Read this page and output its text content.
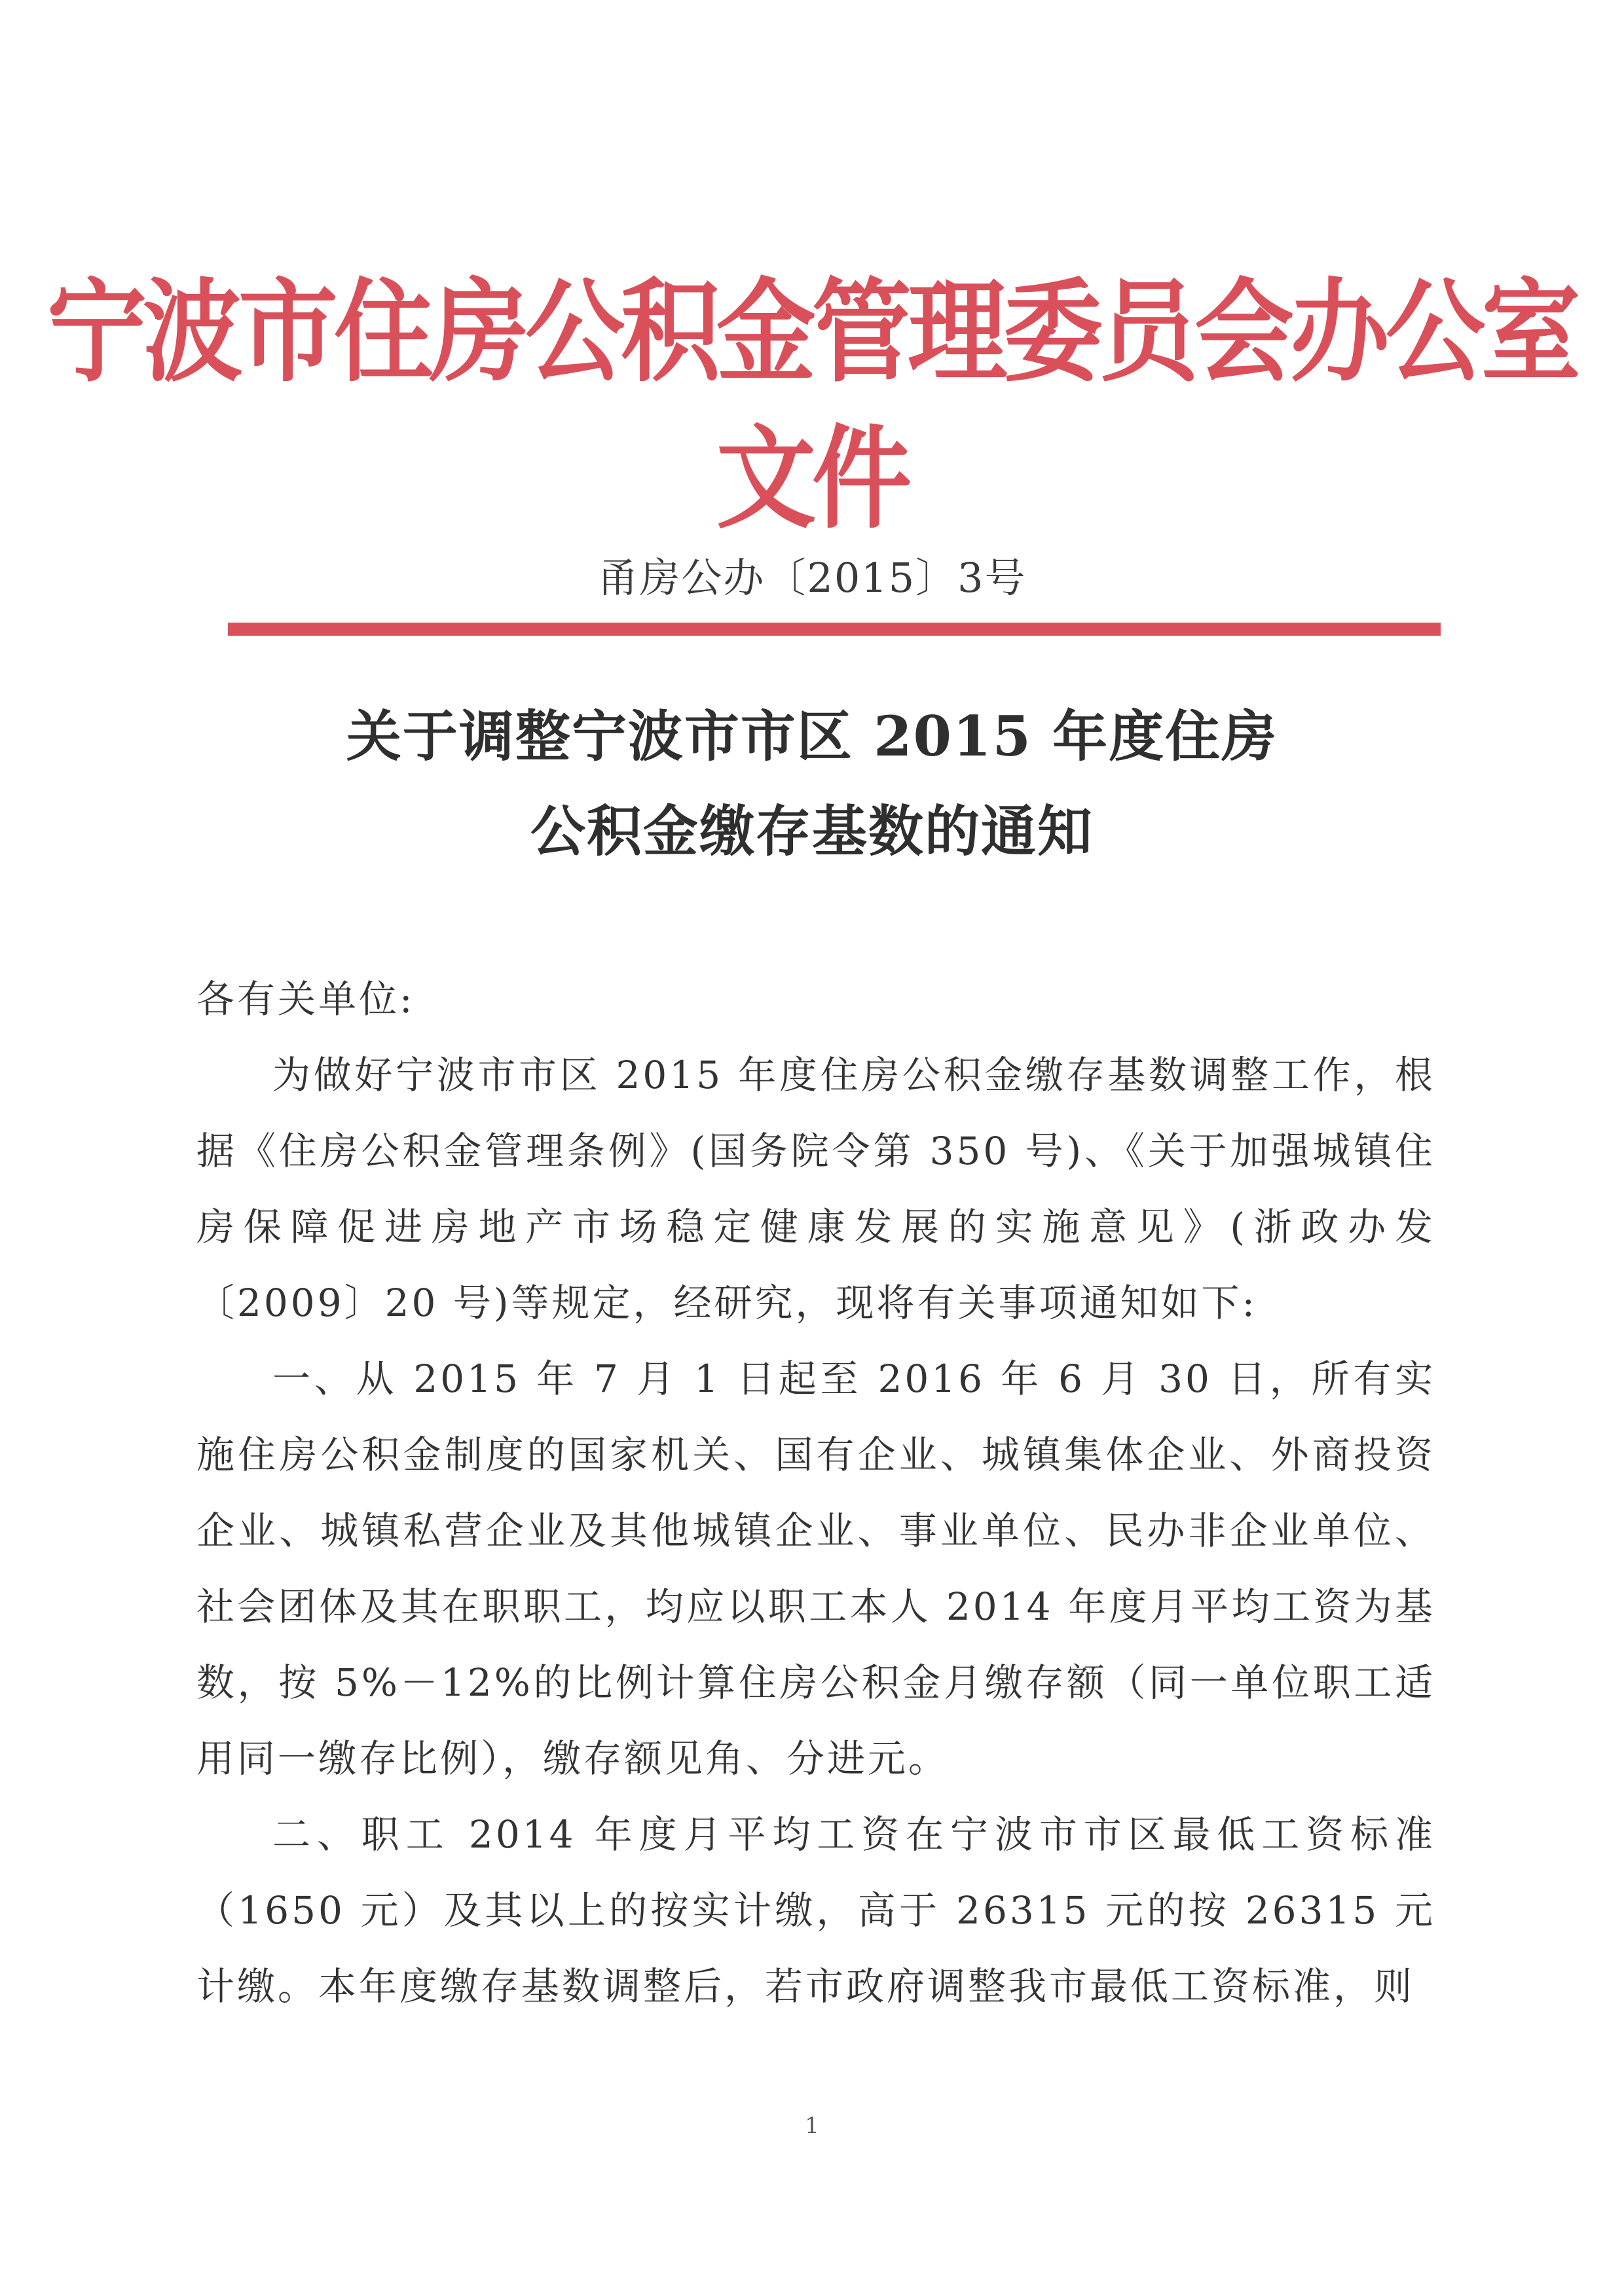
宁波市住房公积金管理委员会办公室文件
甬房公办〔2015〕3号
关于调整宁波市市区 2015 年度住房
公积金缴存基数的通知

各有关单位:

为做好宁波市市区 2015 年度住房公积金缴存基数调整工作，根据《住房公积金管理条例》(国务院令第 350 号)、《关于加强城镇住房保障促进房地产市场稳定健康发展的实施意见》(浙政办发〔2009〕20 号)等规定，经研究，现将有关事项通知如下:

一、从 2015 年 7 月 1 日起至 2016 年 6 月 30 日，所有实施住房公积金制度的国家机关、国有企业、城镇集体企业、外商投资企业、城镇私营企业及其他城镇企业、事业单位、民办非企业单位、社会团体及其在职职工，均应以职工本人 2014 年度月平均工资为基数，按 5%－12%的比例计算住房公积金月缴存额（同一单位职工适用同一缴存比例），缴存额见角、分进元。

二、职工 2014 年度月平均工资在宁波市市区最低工资标准（1650 元）及其以上的按实计缴，高于 26315 元的按 26315 元计缴。本年度缴存基数调整后，若市政府调整我市最低工资标准，则

1
